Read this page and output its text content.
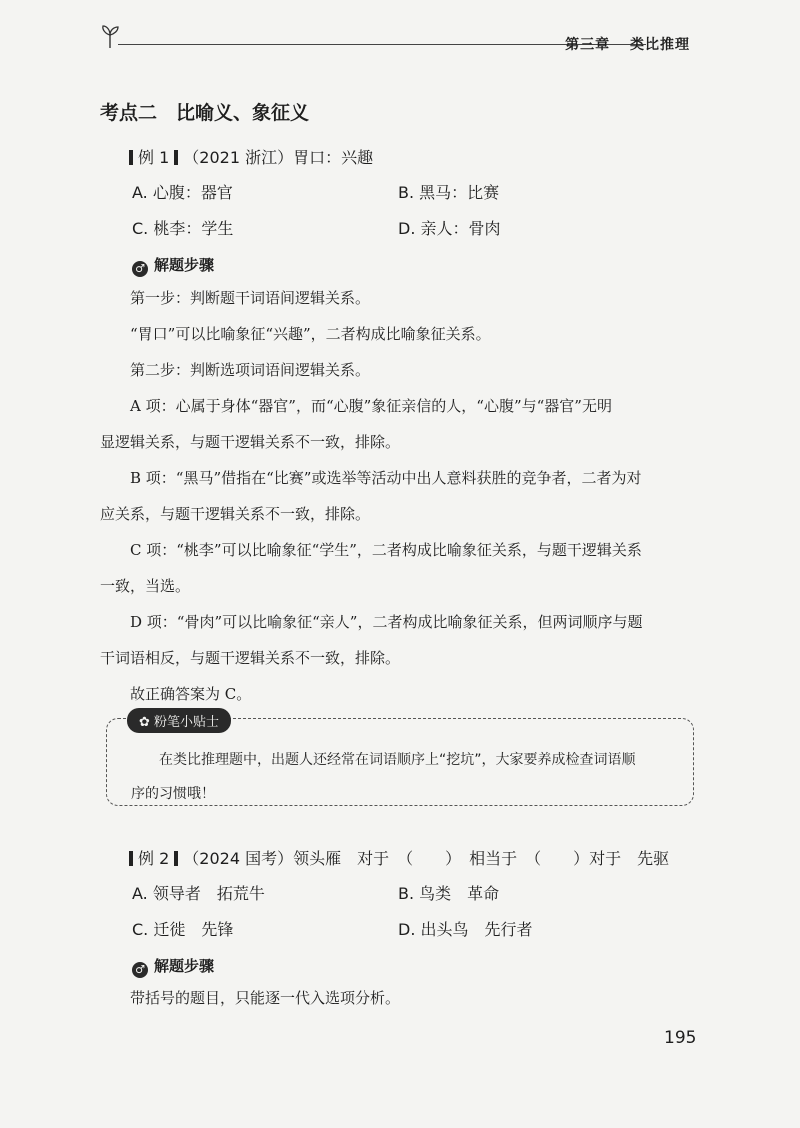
第三章 类比推理
考点二　比喻义、象征义
例 1 （2021 浙江）胃口：兴趣
A. 心腹：器官	B. 黑马：比赛
C. 桃李：学生	D. 亲人：骨肉
♂ 解题步骤
第一步：判断题干词语间逻辑关系。
“胃口”可以比喻象征“兴趣”，二者构成比喻象征关系。
第二步：判断选项词语间逻辑关系。
A 项：心属于身体“器官”，而“心腹”象征亲信的人，“心腹”与“器官”无明
显逻辑关系，与题干逻辑关系不一致，排除。
B 项：“黑马”借指在“比赛”或选举等活动中出人意料获胜的竞争者，二者为对
应关系，与题干逻辑关系不一致，排除。
C 项：“桃李”可以比喻象征“学生”，二者构成比喻象征关系，与题干逻辑关系
一致，当选。
D 项：“骨肉”可以比喻象征“亲人”，二者构成比喻象征关系，但两词顺序与题
干词语相反，与题干逻辑关系不一致，排除。
故正确答案为 C。
✿ 粉笔小贴士
在类比推理题中，出题人还经常在词语顺序上“挖坑”，大家要养成检查词语顺
序的习惯哦！
例 2 （2024 国考）领头雁　对于　（　　）　相当于　（　　）对于　先驱
A. 领导者　拓荒牛	B. 鸟类　革命
C. 迁徙　先锋	D. 出头鸟　先行者
♂ 解题步骤
带括号的题目，只能逐一代入选项分析。
195
